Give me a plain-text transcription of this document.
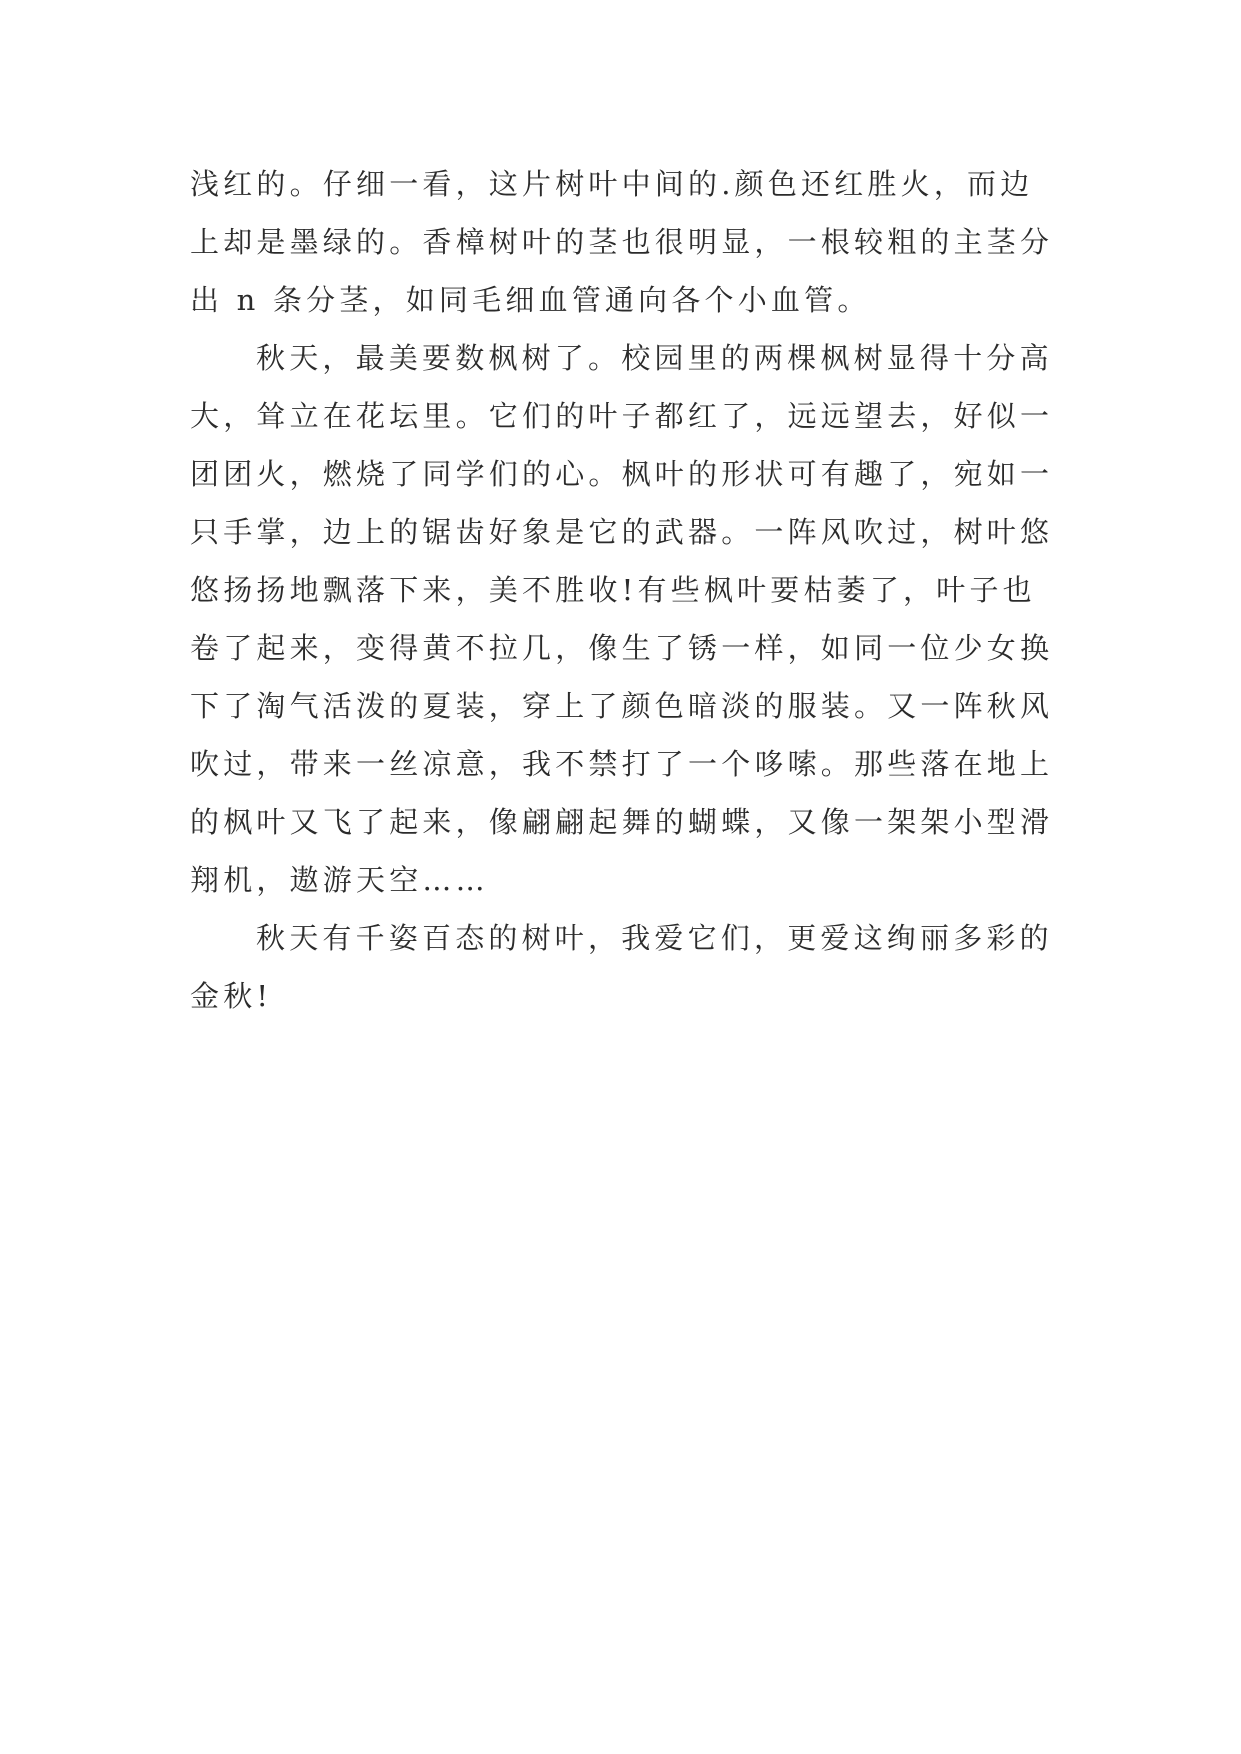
浅红的。仔细一看，这片树叶中间的.颜色还红胜火，而边
上却是墨绿的。香樟树叶的茎也很明显，一根较粗的主茎分
出 n 条分茎，如同毛细血管通向各个小血管。
秋天，最美要数枫树了。校园里的两棵枫树显得十分高
大，耸立在花坛里。它们的叶子都红了，远远望去，好似一
团团火，燃烧了同学们的心。枫叶的形状可有趣了，宛如一
只手掌，边上的锯齿好象是它的武器。一阵风吹过，树叶悠
悠扬扬地飘落下来，美不胜收!有些枫叶要枯萎了，叶子也
卷了起来，变得黄不拉几，像生了锈一样，如同一位少女换
下了淘气活泼的夏装，穿上了颜色暗淡的服装。又一阵秋风
吹过，带来一丝凉意，我不禁打了一个哆嗦。那些落在地上
的枫叶又飞了起来，像翩翩起舞的蝴蝶，又像一架架小型滑
翔机，遨游天空……
秋天有千姿百态的树叶，我爱它们，更爱这绚丽多彩的
金秋!
